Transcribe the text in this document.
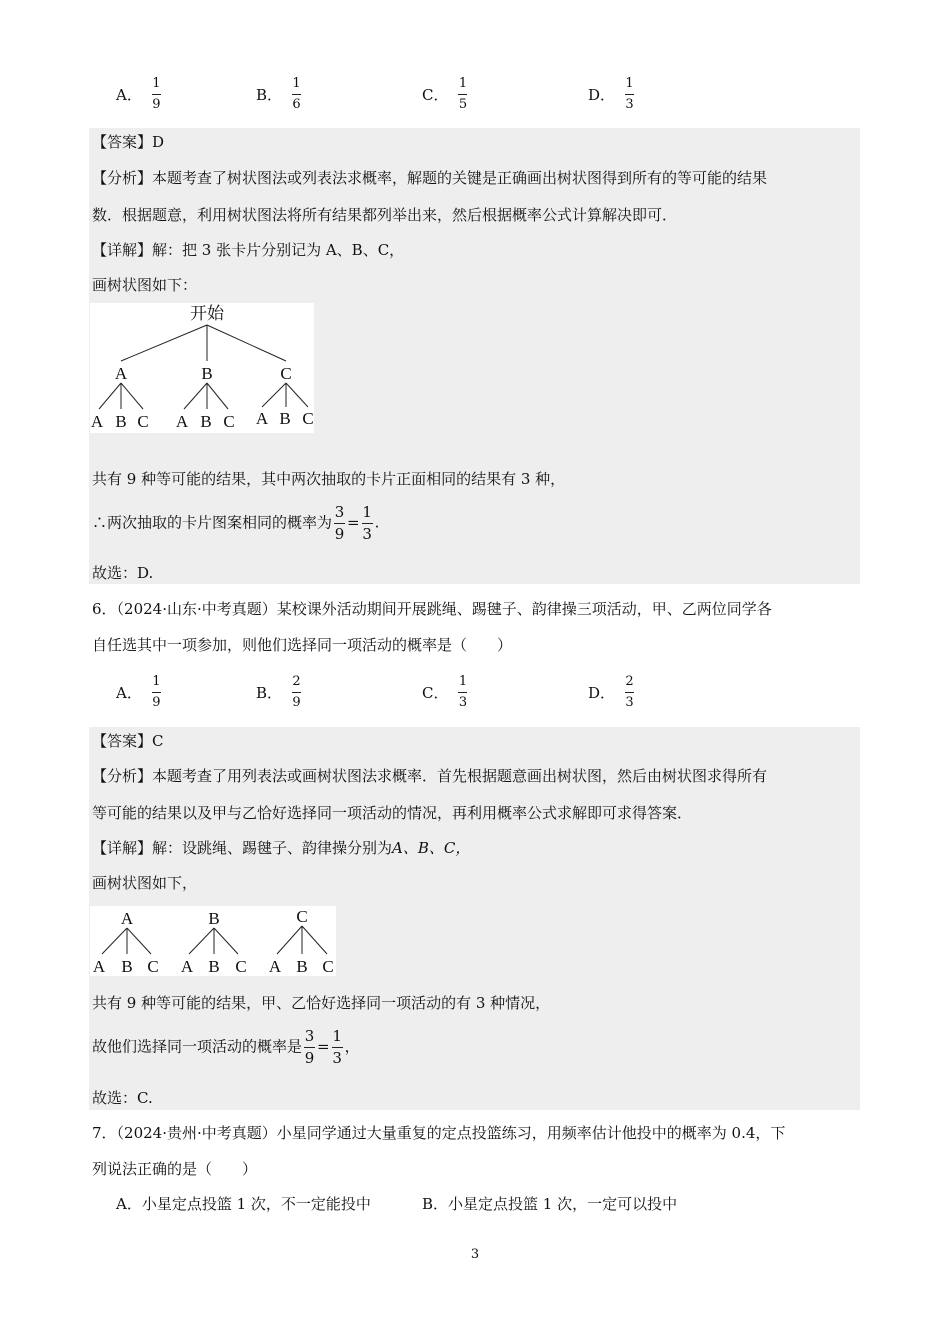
A． $\frac{1}{9}$	B． $\frac{1}{6}$	C． $\frac{1}{5}$	D． $\frac{1}{3}$
【答案】D
【分析】本题考查了树状图法或列表法求概率，解题的关键是正确画出树状图得到所有的等可能的结果
数．根据题意，利用树状图法将所有结果都列举出来，然后根据概率公式计算解决即可．
【详解】解：把 3 张卡片分别记为 A、B、C，
画树状图如下：
开始
A	B	C
A B C A B C A B C
共有 9 种等可能的结果，其中两次抽取的卡片正面相同的结果有 3 种，
∴两次抽取的卡片图案相同的概率为 $\frac{3}{9} = \frac{1}{3}$ .
故选：D.
6．（2024·山东·中考真题）某校课外活动期间开展跳绳、踢毽子、韵律操三项活动，甲、乙两位同学各
自任选其中一项参加，则他们选择同一项活动的概率是（　　）
A． $\frac{1}{9}$	B． $\frac{2}{9}$	C． $\frac{1}{3}$	D． $\frac{2}{3}$
【答案】C
【分析】本题考查了用列表法或画树状图法求概率．首先根据题意画出树状图，然后由树状图求得所有
等可能的结果以及甲与乙恰好选择同一项活动的情况，再利用概率公式求解即可求得答案．
【详解】解：设跳绳、踢毽子、韵律操分别为A、B、C，
画树状图如下，
A	B	C
A B C A B C A B C
共有 9 种等可能的结果，甲、乙恰好选择同一项活动的有 3 种情况，
故他们选择同一项活动的概率是 $\frac{3}{9} = \frac{1}{3}$ ，
故选：C.
7．（2024·贵州·中考真题）小星同学通过大量重复的定点投篮练习，用频率估计他投中的概率为 0.4，下
列说法正确的是（　　）
A．小星定点投篮 1 次，不一定能投中	B．小星定点投篮 1 次，一定可以投中
3
